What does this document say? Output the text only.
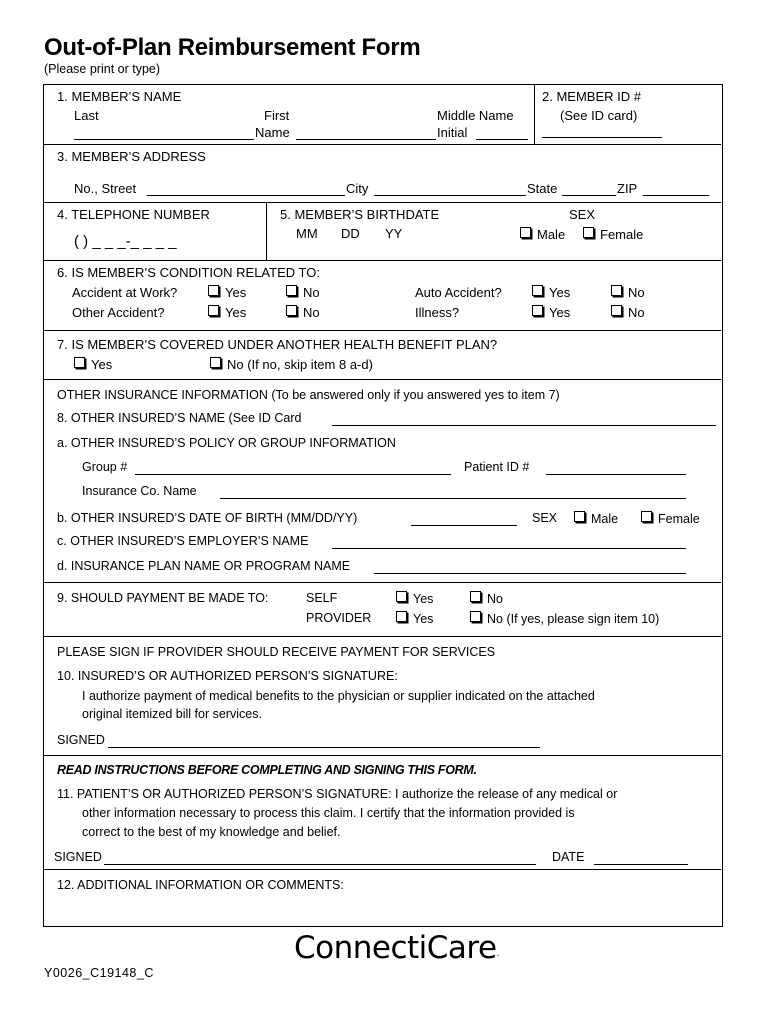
Out-of-Plan Reimbursement Form
(Please print or type)
1. MEMBER’S NAME
Last	First	Middle Name
Name	Initial
2. MEMBER ID #
(See ID card)
3. MEMBER’S ADDRESS
No., Street	City	State	ZIP
4. TELEPHONE NUMBER
( ) _ _ _-_ _ _ _
5. MEMBER’S BIRTHDATE
MM DD YY
SEX
Male	Female
6. IS MEMBER’S CONDITION RELATED TO:
Accident at Work?	Yes	No	Auto Accident?	Yes	No
Other Accident?	Yes	No	Illness?	Yes	No
7. IS MEMBER’S COVERED UNDER ANOTHER HEALTH BENEFIT PLAN?
Yes	No (If no, skip item 8 a-d)
OTHER INSURANCE INFORMATION (To be answered only if you answered yes to item 7)
8. OTHER INSURED’S NAME (See ID Card
a. OTHER INSURED’S POLICY OR GROUP INFORMATION
Group #	Patient ID #
Insurance Co. Name
b. OTHER INSURED’S DATE OF BIRTH (MM/DD/YY)	SEX	Male	Female
c. OTHER INSURED’S EMPLOYER’S NAME
d. INSURANCE PLAN NAME OR PROGRAM NAME
9. SHOULD PAYMENT BE MADE TO:	SELF	Yes	No
PROVIDER	Yes	No (If yes, please sign item 10)
PLEASE SIGN IF PROVIDER SHOULD RECEIVE PAYMENT FOR SERVICES
10. INSURED’S OR AUTHORIZED PERSON’S SIGNATURE:
I authorize payment of medical benefits to the physician or supplier indicated on the attached
original itemized bill for services.
SIGNED
READ INSTRUCTIONS BEFORE COMPLETING AND SIGNING THIS FORM.
11. PATIENT’S OR AUTHORIZED PERSON’S SIGNATURE: I authorize the release of any medical or
other information necessary to process this claim. I certify that the information provided is
correct to the best of my knowledge and belief.
SIGNED	DATE
12. ADDITIONAL INFORMATION OR COMMENTS:
ConnectiCare.
Y0026_C19148_C
